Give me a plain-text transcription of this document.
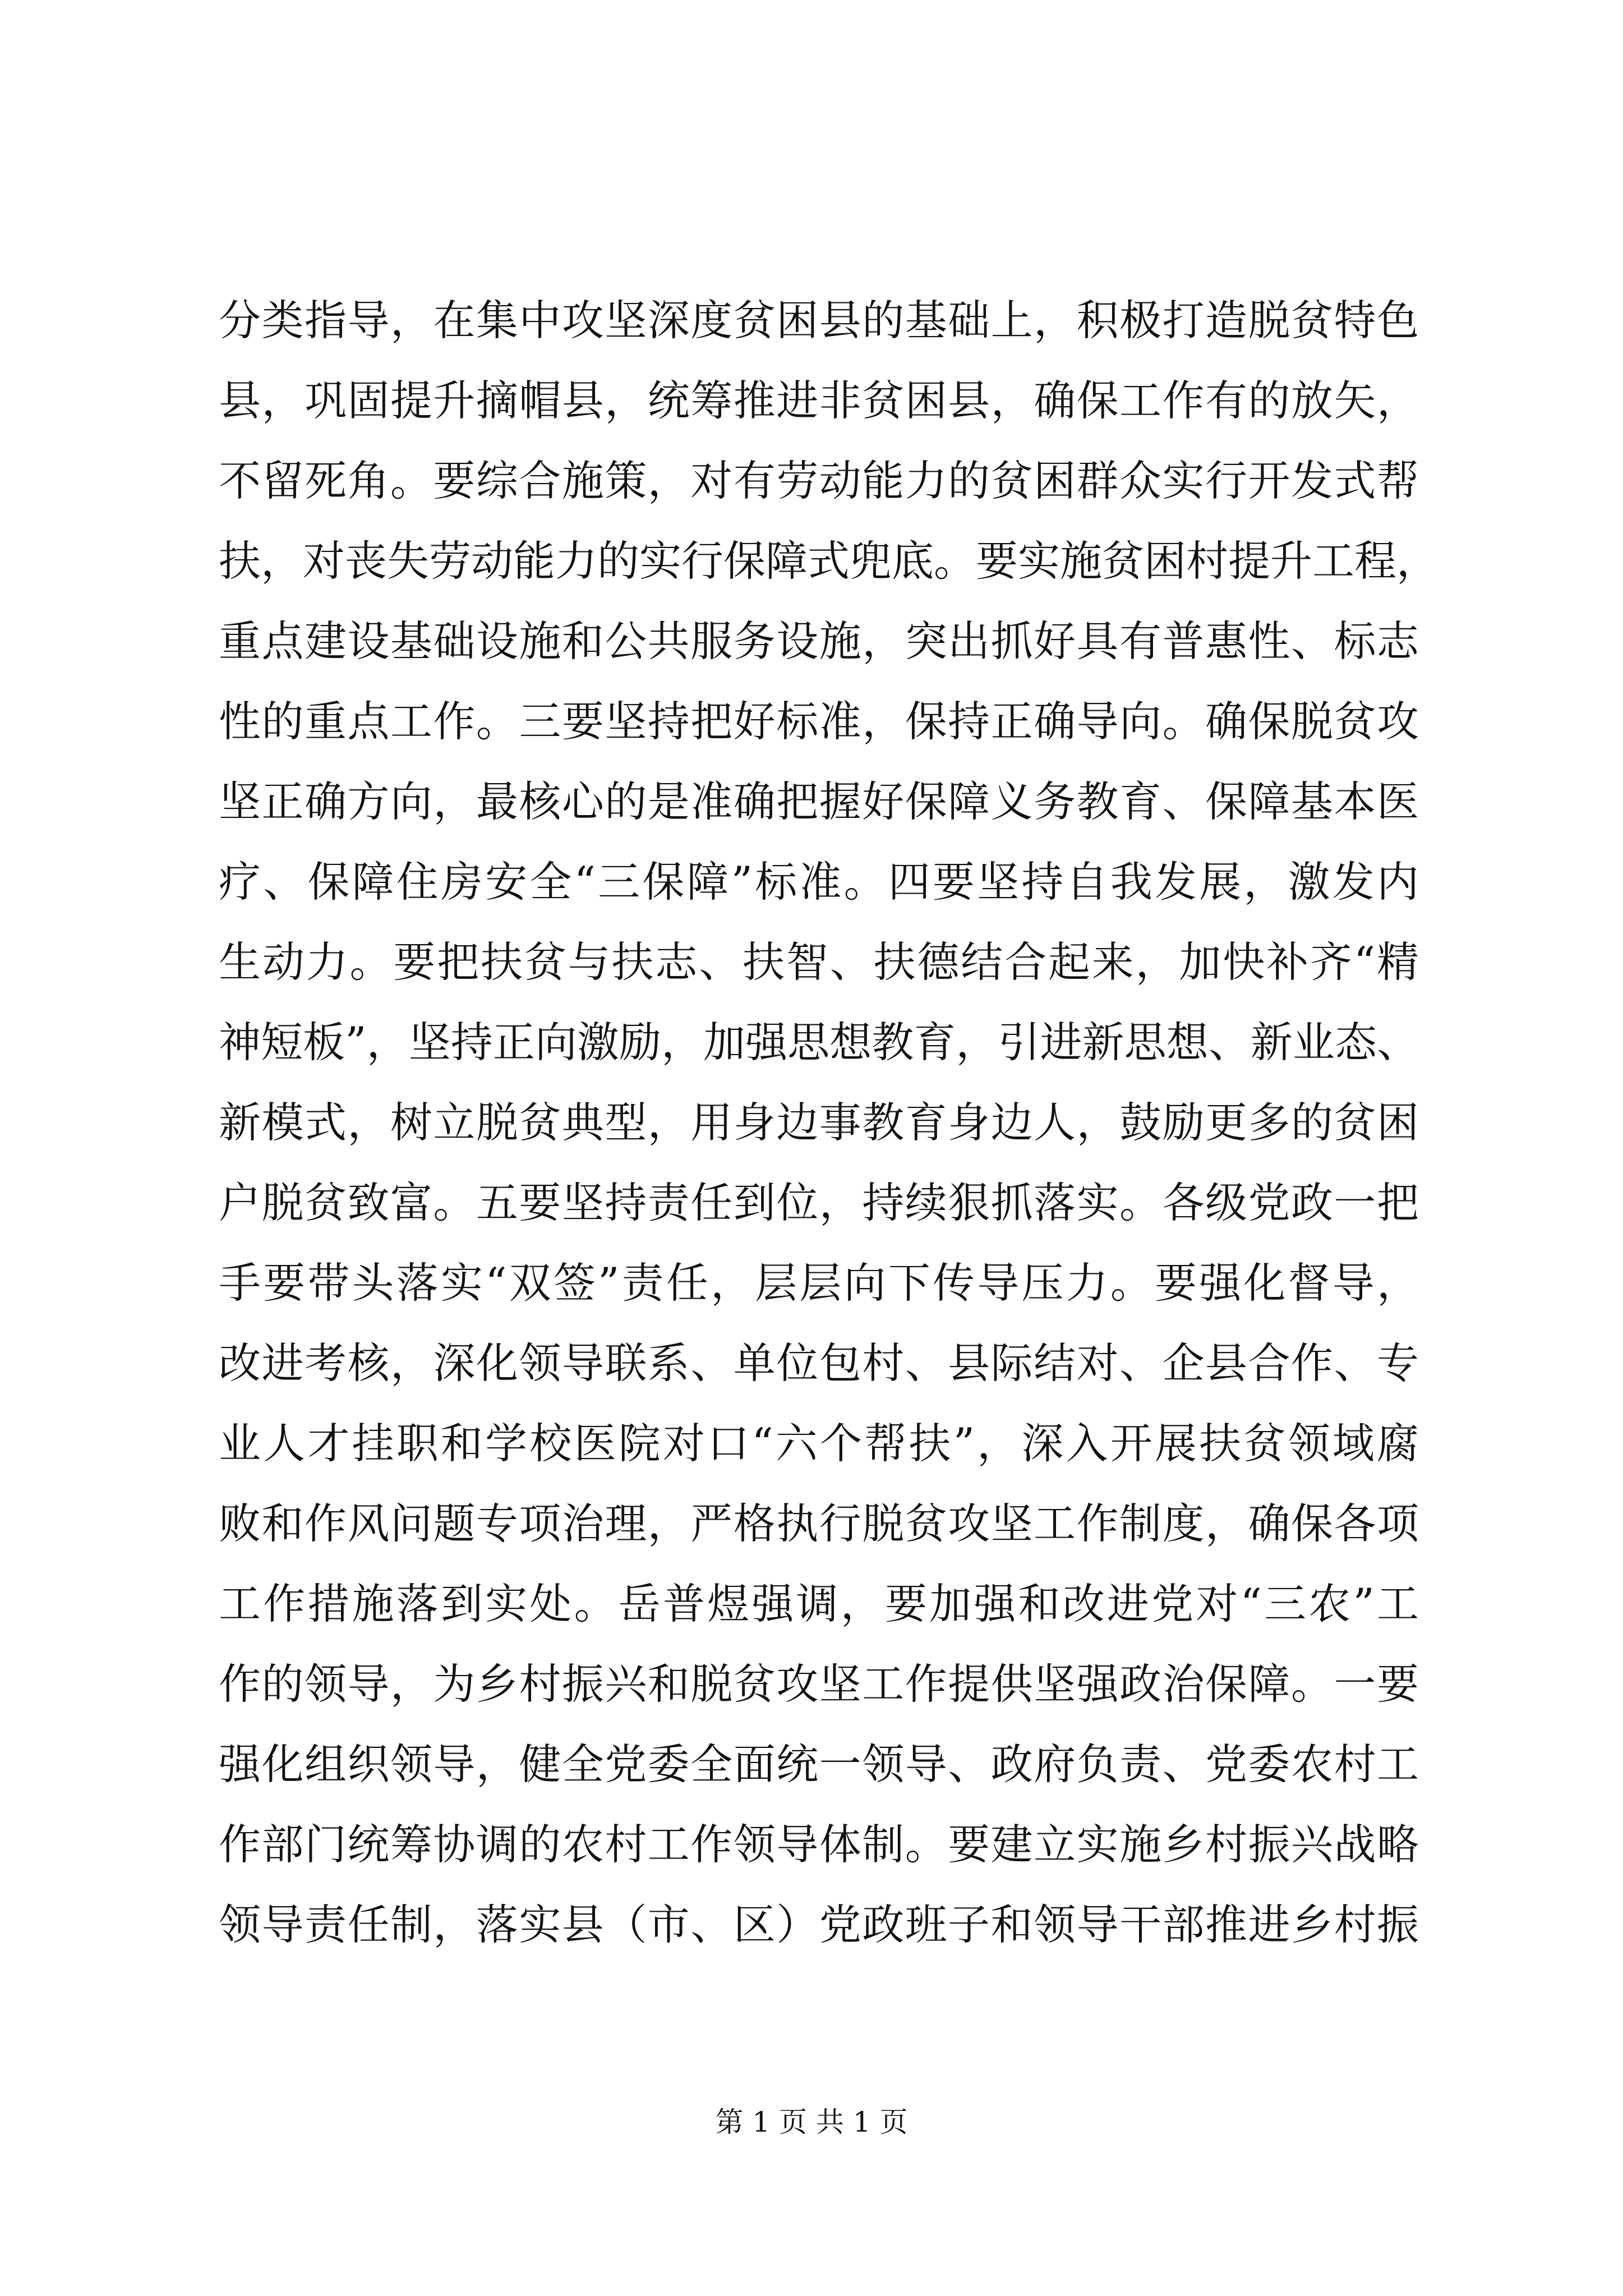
分类指导，在集中攻坚深度贫困县的基础上，积极打造脱贫特色
县，巩固提升摘帽县，统筹推进非贫困县，确保工作有的放矢，
不留死角。要综合施策，对有劳动能力的贫困群众实行开发式帮
扶，对丧失劳动能力的实行保障式兜底。要实施贫困村提升工程，
重点建设基础设施和公共服务设施，突出抓好具有普惠性、标志
性的重点工作。三要坚持把好标准，保持正确导向。确保脱贫攻
坚正确方向，最核心的是准确把握好保障义务教育、保障基本医
疗、保障住房安全“三保障”标准。四要坚持自我发展，激发内
生动力。要把扶贫与扶志、扶智、扶德结合起来，加快补齐“精
神短板”，坚持正向激励，加强思想教育，引进新思想、新业态、
新模式，树立脱贫典型，用身边事教育身边人，鼓励更多的贫困
户脱贫致富。五要坚持责任到位，持续狠抓落实。各级党政一把
手要带头落实“双签”责任，层层向下传导压力。要强化督导，
改进考核，深化领导联系、单位包村、县际结对、企县合作、专
业人才挂职和学校医院对口“六个帮扶”，深入开展扶贫领域腐
败和作风问题专项治理，严格执行脱贫攻坚工作制度，确保各项
工作措施落到实处。岳普煜强调，要加强和改进党对“三农”工
作的领导，为乡村振兴和脱贫攻坚工作提供坚强政治保障。一要
强化组织领导，健全党委全面统一领导、政府负责、党委农村工
作部门统筹协调的农村工作领导体制。要建立实施乡村振兴战略
领导责任制，落实县（市、区）党政班子和领导干部推进乡村振
第 1 页 共 1 页
